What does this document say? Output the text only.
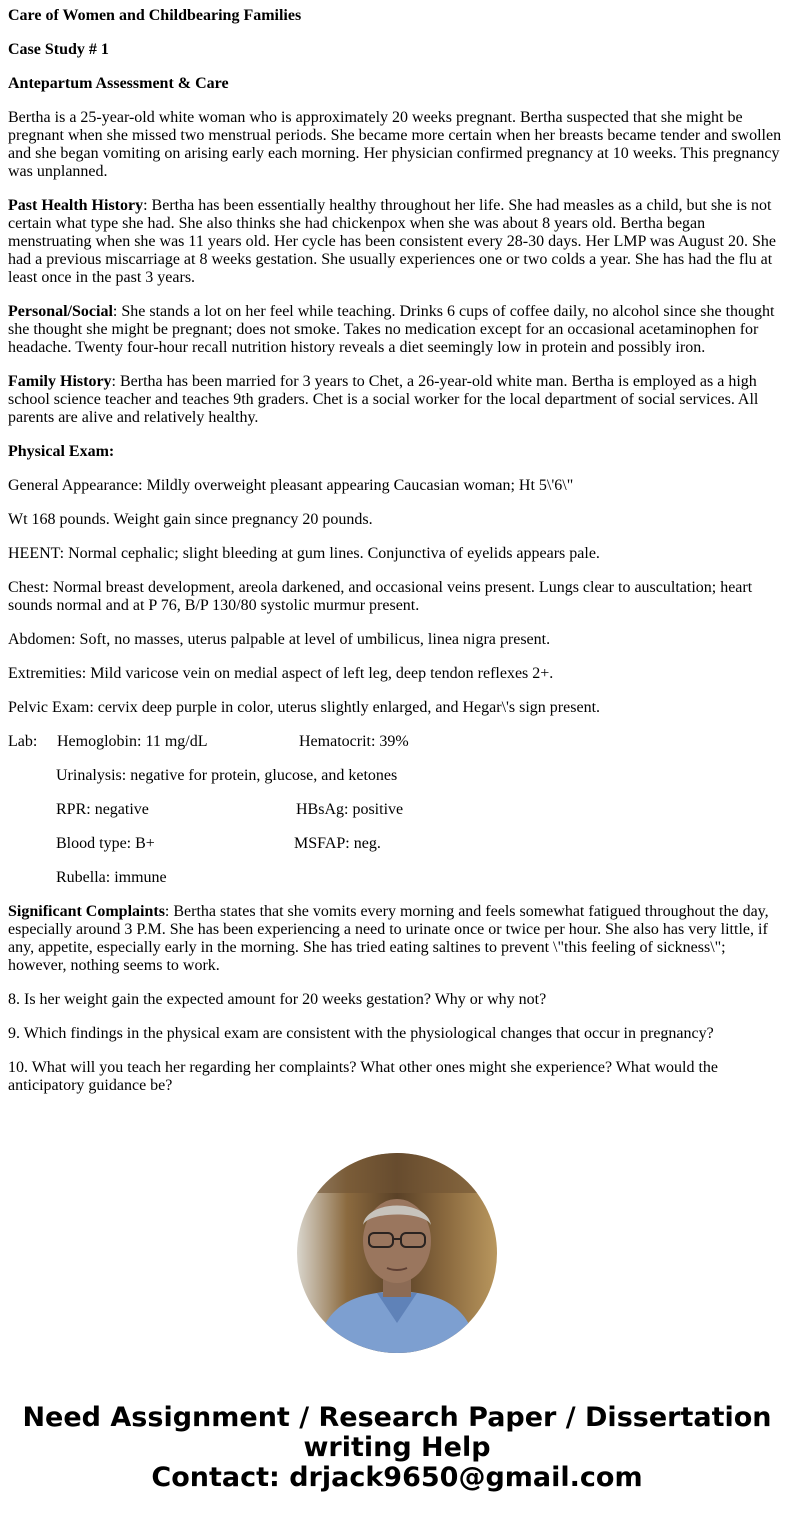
Care of Women and Childbearing Families

Case Study # 1

Antepartum Assessment & Care

Bertha is a 25-year-old white woman who is approximately 20 weeks pregnant. Bertha suspected that she might be pregnant when she missed two menstrual periods. She became more certain when her breasts became tender and swollen and she began vomiting on arising early each morning. Her physician confirmed pregnancy at 10 weeks. This pregnancy was unplanned.

Past Health History: Bertha has been essentially healthy throughout her life. She had measles as a child, but she is not certain what type she had. She also thinks she had chickenpox when she was about 8 years old. Bertha began menstruating when she was 11 years old. Her cycle has been consistent every 28-30 days. Her LMP was August 20. She had a previous miscarriage at 8 weeks gestation. She usually experiences one or two colds a year. She has had the flu at least once in the past 3 years.

Personal/Social: She stands a lot on her feel while teaching. Drinks 6 cups of coffee daily, no alcohol since she thought she thought she might be pregnant; does not smoke. Takes no medication except for an occasional acetaminophen for headache. Twenty four-hour recall nutrition history reveals a diet seemingly low in protein and possibly iron.

Family History: Bertha has been married for 3 years to Chet, a 26-year-old white man. Bertha is employed as a high school science teacher and teaches 9th graders. Chet is a social worker for the local department of social services. All parents are alive and relatively healthy.

Physical Exam:

General Appearance: Mildly overweight pleasant appearing Caucasian woman; Ht 5\'6\"

Wt 168 pounds. Weight gain since pregnancy 20 pounds.

HEENT: Normal cephalic; slight bleeding at gum lines. Conjunctiva of eyelids appears pale.

Chest: Normal breast development, areola darkened, and occasional veins present. Lungs clear to auscultation; heart sounds normal and at P 76, B/P 130/80 systolic murmur present.

Abdomen: Soft, no masses, uterus palpable at level of umbilicus, linea nigra present.

Extremities: Mild varicose vein on medial aspect of left leg, deep tendon reflexes 2+.

Pelvic Exam: cervix deep purple in color, uterus slightly enlarged, and Hegar\'s sign present.

Lab:	Hemoglobin: 11 mg/dL	Hematocrit: 39%
Urinalysis: negative for protein, glucose, and ketones
RPR: negative	HBsAg: positive
Blood type: B+	MSFAP: neg.
Rubella: immune

Significant Complaints: Bertha states that she vomits every morning and feels somewhat fatigued throughout the day, especially around 3 P.M. She has been experiencing a need to urinate once or twice per hour. She also has very little, if any, appetite, especially early in the morning. She has tried eating saltines to prevent \"this feeling of sickness\"; however, nothing seems to work.

8. Is her weight gain the expected amount for 20 weeks gestation? Why or why not?

9. Which findings in the physical exam are consistent with the physiological changes that occur in pregnancy?

10. What will you teach her regarding her complaints? What other ones might she experience? What would the anticipatory guidance be?

Need Assignment / Research Paper / Dissertation
writing Help
Contact: drjack9650@gmail.com
